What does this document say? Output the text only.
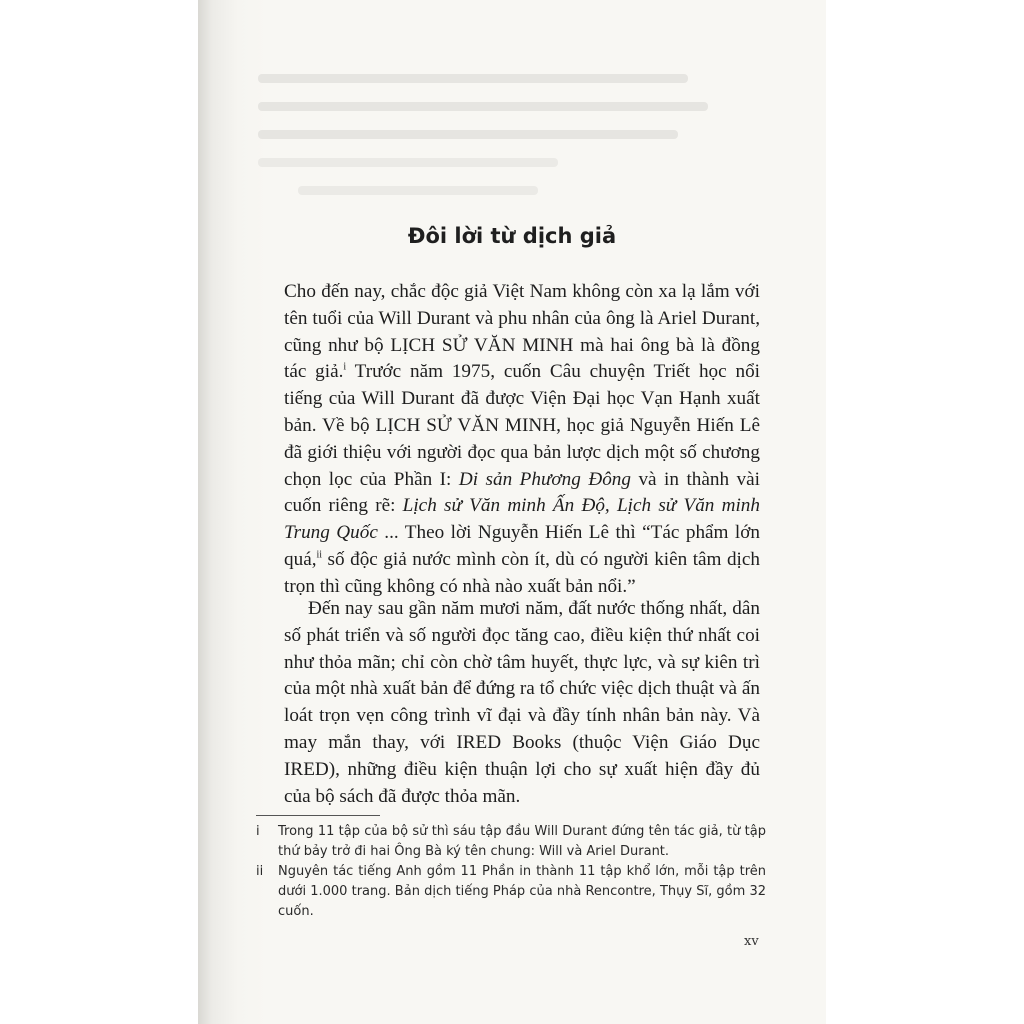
Đôi lời từ dịch giả

Cho đến nay, chắc độc giả Việt Nam không còn xa lạ lắm với tên tuổi của Will Durant và phu nhân của ông là Ariel Durant, cũng như bộ LỊCH SỬ VĂN MINH mà hai ông bà là đồng tác giả.$^i$ Trước năm 1975, cuốn Câu chuyện Triết học nổi tiếng của Will Durant đã được Viện Đại học Vạn Hạnh xuất bản. Về bộ LỊCH SỬ VĂN MINH, học giả Nguyễn Hiến Lê đã giới thiệu với người đọc qua bản lược dịch một số chương chọn lọc của Phần I: Di sản Phương Đông và in thành vài cuốn riêng rẽ: Lịch sử Văn minh Ấn Độ, Lịch sử Văn minh Trung Quốc ... Theo lời Nguyễn Hiến Lê thì “Tác phẩm lớn quá,$^{ii}$ số độc giả nước mình còn ít, dù có người kiên tâm dịch trọn thì cũng không có nhà nào xuất bản nổi.”

Đến nay sau gần năm mươi năm, đất nước thống nhất, dân số phát triển và số người đọc tăng cao, điều kiện thứ nhất coi như thỏa mãn; chỉ còn chờ tâm huyết, thực lực, và sự kiên trì của một nhà xuất bản để đứng ra tổ chức việc dịch thuật và ấn loát trọn vẹn công trình vĩ đại và đầy tính nhân bản này. Và may mắn thay, với IRED Books (thuộc Viện Giáo Dục IRED), những điều kiện thuận lợi cho sự xuất hiện đầy đủ của bộ sách đã được thỏa mãn.

i	Trong 11 tập của bộ sử thì sáu tập đầu Will Durant đứng tên tác giả, từ tập thứ bảy trở đi hai Ông Bà ký tên chung: Will và Ariel Durant.
ii	Nguyên tác tiếng Anh gồm 11 Phần in thành 11 tập khổ lớn, mỗi tập trên dưới 1.000 trang. Bản dịch tiếng Pháp của nhà Rencontre, Thụy Sĩ, gồm 32 cuốn.
xv
